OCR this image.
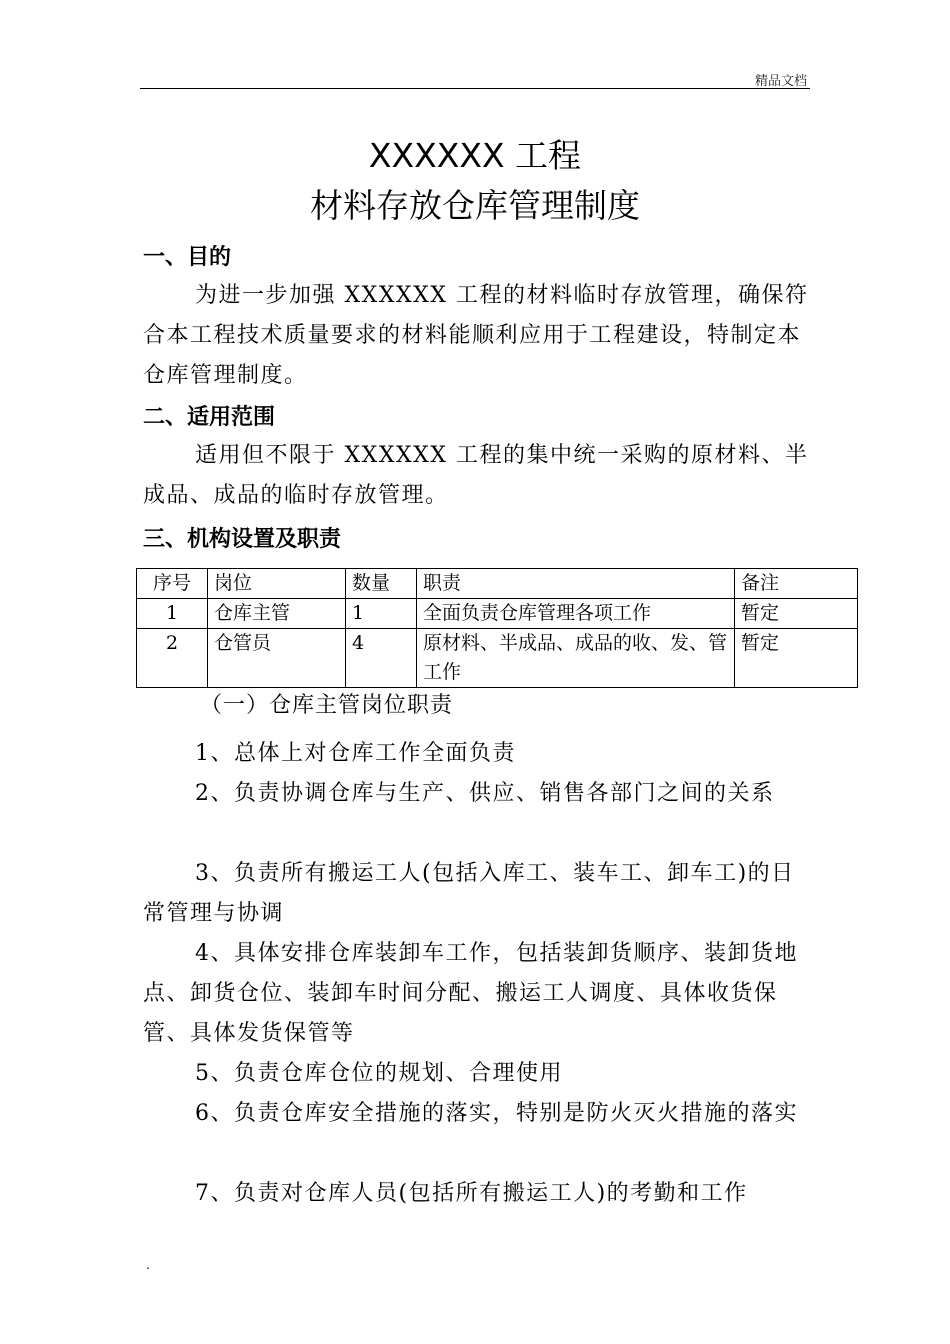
精品文档
XXXXXX 工程
材料存放仓库管理制度
一、目的

为进一步加强 XXXXXX 工程的材料临时存放管理，确保符合本工程技术质量要求的材料能顺利应用于工程建设，特制定本仓库管理制度。

二、适用范围

适用但不限于 XXXXXX 工程的集中统一采购的原材料、半成品、成品的临时存放管理。

三、机构设置及职责
序号	岗位	数量	职责	备注
1	仓库主管	1	全面负责仓库管理各项工作	暂定
2	仓管员	4	原材料、半成品、成品的收、发、管工作	暂定
（一）仓库主管岗位职责

1、总体上对仓库工作全面负责

2、负责协调仓库与生产、供应、销售各部门之间的关系

3、负责所有搬运工人(包括入库工、装车工、卸车工)的日常管理与协调

4、具体安排仓库装卸车工作，包括装卸货顺序、装卸货地点、卸货仓位、装卸车时间分配、搬运工人调度、具体收货保管、具体发货保管等

5、负责仓库仓位的规划、合理使用

6、负责仓库安全措施的落实，特别是防火灭火措施的落实

7、负责对仓库人员(包括所有搬运工人)的考勤和工作

.
